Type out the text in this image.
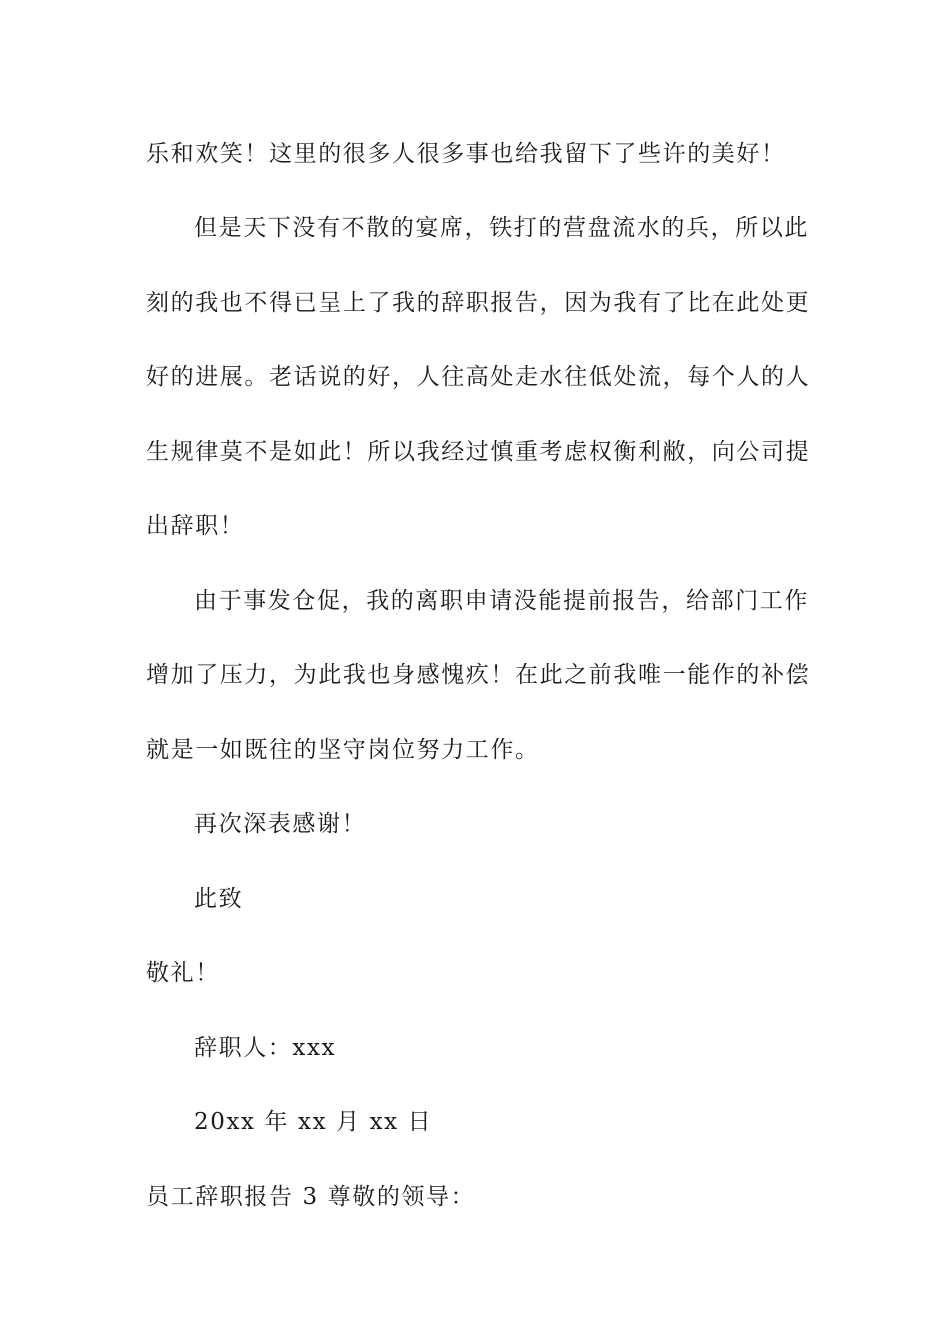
乐和欢笑！这里的很多人很多事也给我留下了些许的美好！
但是天下没有不散的宴席，铁打的营盘流水的兵，所以此
刻的我也不得已呈上了我的辞职报告，因为我有了比在此处更
好的进展。老话说的好，人往高处走水往低处流，每个人的人
生规律莫不是如此！所以我经过慎重考虑权衡利敝，向公司提
出辞职！
由于事发仓促，我的离职申请没能提前报告，给部门工作
增加了压力，为此我也身感愧疚！在此之前我唯一能作的补偿
就是一如既往的坚守岗位努力工作。
再次深表感谢！
此致
敬礼！
辞职人：xxx
20xx 年 xx 月 xx 日
员工辞职报告 3 尊敬的领导：
